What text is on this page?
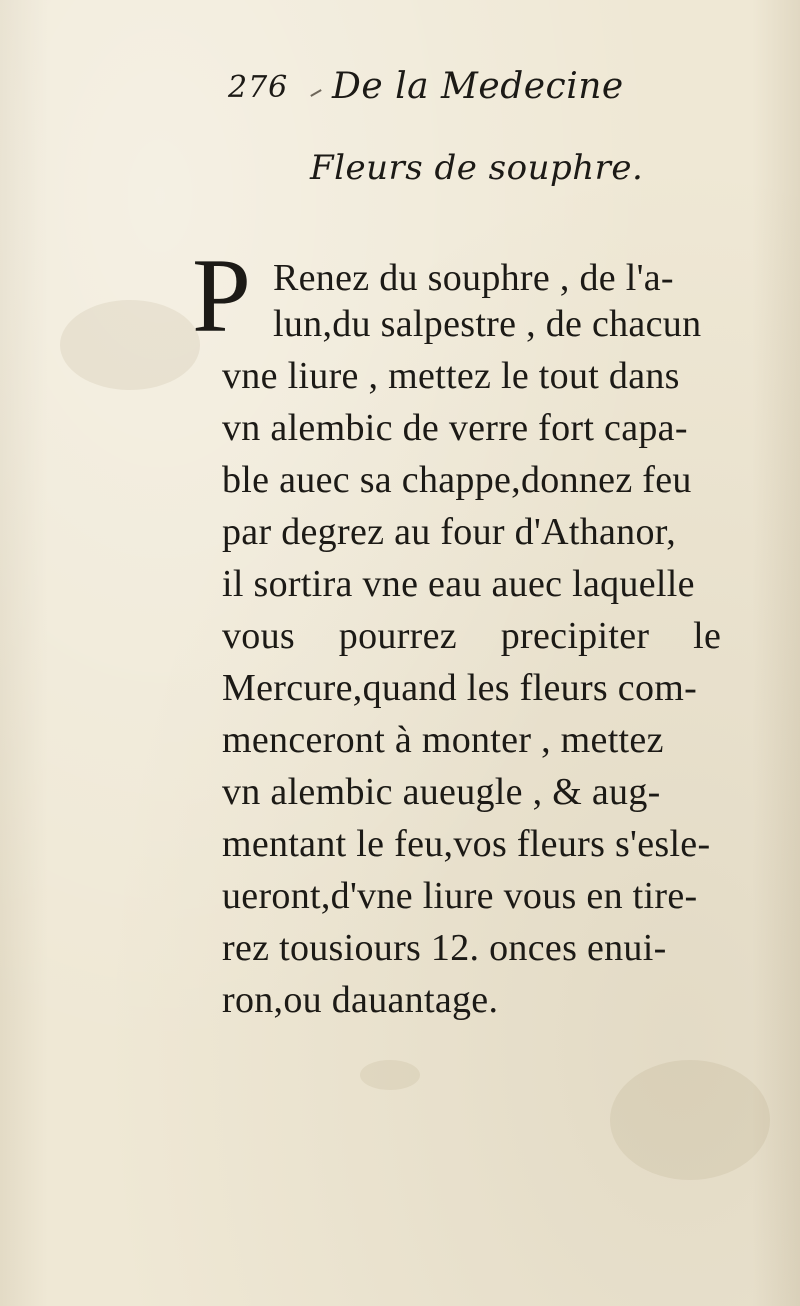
276 De la Medecine
Fleurs de souphre.
P Renez du souphre , de l'a-
lun,du salpestre , de chacun
vne liure , mettez le tout dans
vn alembic de verre fort capa-
ble auec sa chappe,donnez feu
par degrez au four d'Athanor,
il sortira vne eau auec laquelle
vous pourrez precipiter le
Mercure,quand les fleurs com-
menceront à monter , mettez
vn alembic aueugle , & aug-
mentant le feu,vos fleurs s'esle-
ueront,d'vne liure vous en tire-
rez tousiours 12. onces enui-
ron,ou dauantage.
